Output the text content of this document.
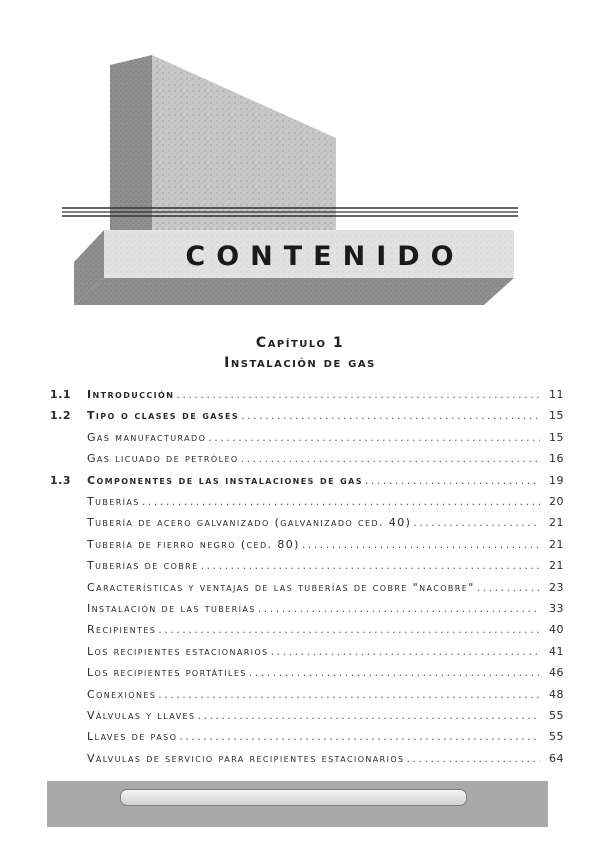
CONTENIDO
Capítulo 1
Instalación de gas
1.1	Introducción .....	11
1.2	Tipo o clases de gases .....	15
Gas manufacturado .....	15
Gas licuado de petróleo .....	16
1.3	Componentes de las instalaciones de gas .....	19
Tuberías .....	20
Tubería de acero galvanizado (galvanizado ced. 40) .....	21
Tubería de fierro negro (ced. 80) .....	21
Tuberías de cobre .....	21
Características y ventajas de las tuberías de cobre "nacobre" .....	23
Instalación de las tuberías .....	33
Recipientes .....	40
Los recipientes estacionarios .....	41
Los recipientes portátiles .....	46
Conexiones .....	48
Válvulas y llaves .....	55
Llaves de paso .....	55
Válvulas de servicio para recipientes estacionarios .....	64
